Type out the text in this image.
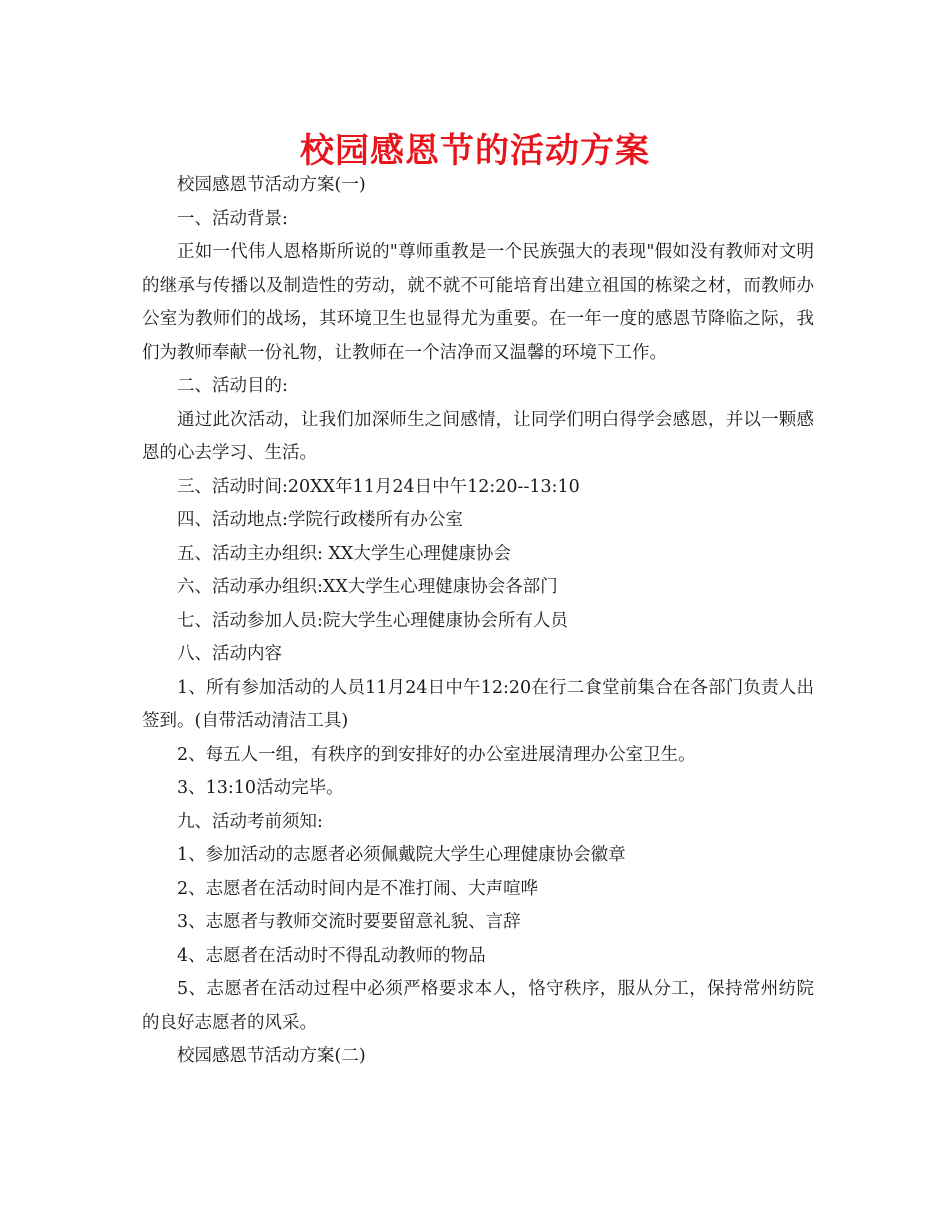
校园感恩节的活动方案

校园感恩节活动方案(一)

一、活动背景:

正如一代伟人恩格斯所说的"尊师重教是一个民族强大的表现"假如没有教师对文明的继承与传播以及制造性的劳动，就不就不可能培育出建立祖国的栋梁之材，而教师办公室为教师们的战场，其环境卫生也显得尤为重要。在一年一度的感恩节降临之际，我们为教师奉献一份礼物，让教师在一个洁净而又温馨的环境下工作。

二、活动目的:

通过此次活动，让我们加深师生之间感情，让同学们明白得学会感恩，并以一颗感恩的心去学习、生活。

三、活动时间:20XX年11月24日中午12:20--13:10

四、活动地点:学院行政楼所有办公室

五、活动主办组织: XX大学生心理健康协会

六、活动承办组织:XX大学生心理健康协会各部门

七、活动参加人员:院大学生心理健康协会所有人员

八、活动内容

1、所有参加活动的人员11月24日中午12:20在行二食堂前集合在各部门负责人出签到。(自带活动清洁工具)

2、每五人一组，有秩序的到安排好的办公室进展清理办公室卫生。

3、13:10活动完毕。

九、活动考前须知:

1、参加活动的志愿者必须佩戴院大学生心理健康协会徽章

2、志愿者在活动时间内是不准打闹、大声喧哗

3、志愿者与教师交流时要要留意礼貌、言辞

4、志愿者在活动时不得乱动教师的物品

5、志愿者在活动过程中必须严格要求本人，恪守秩序，服从分工，保持常州纺院的良好志愿者的风采。

校园感恩节活动方案(二)
